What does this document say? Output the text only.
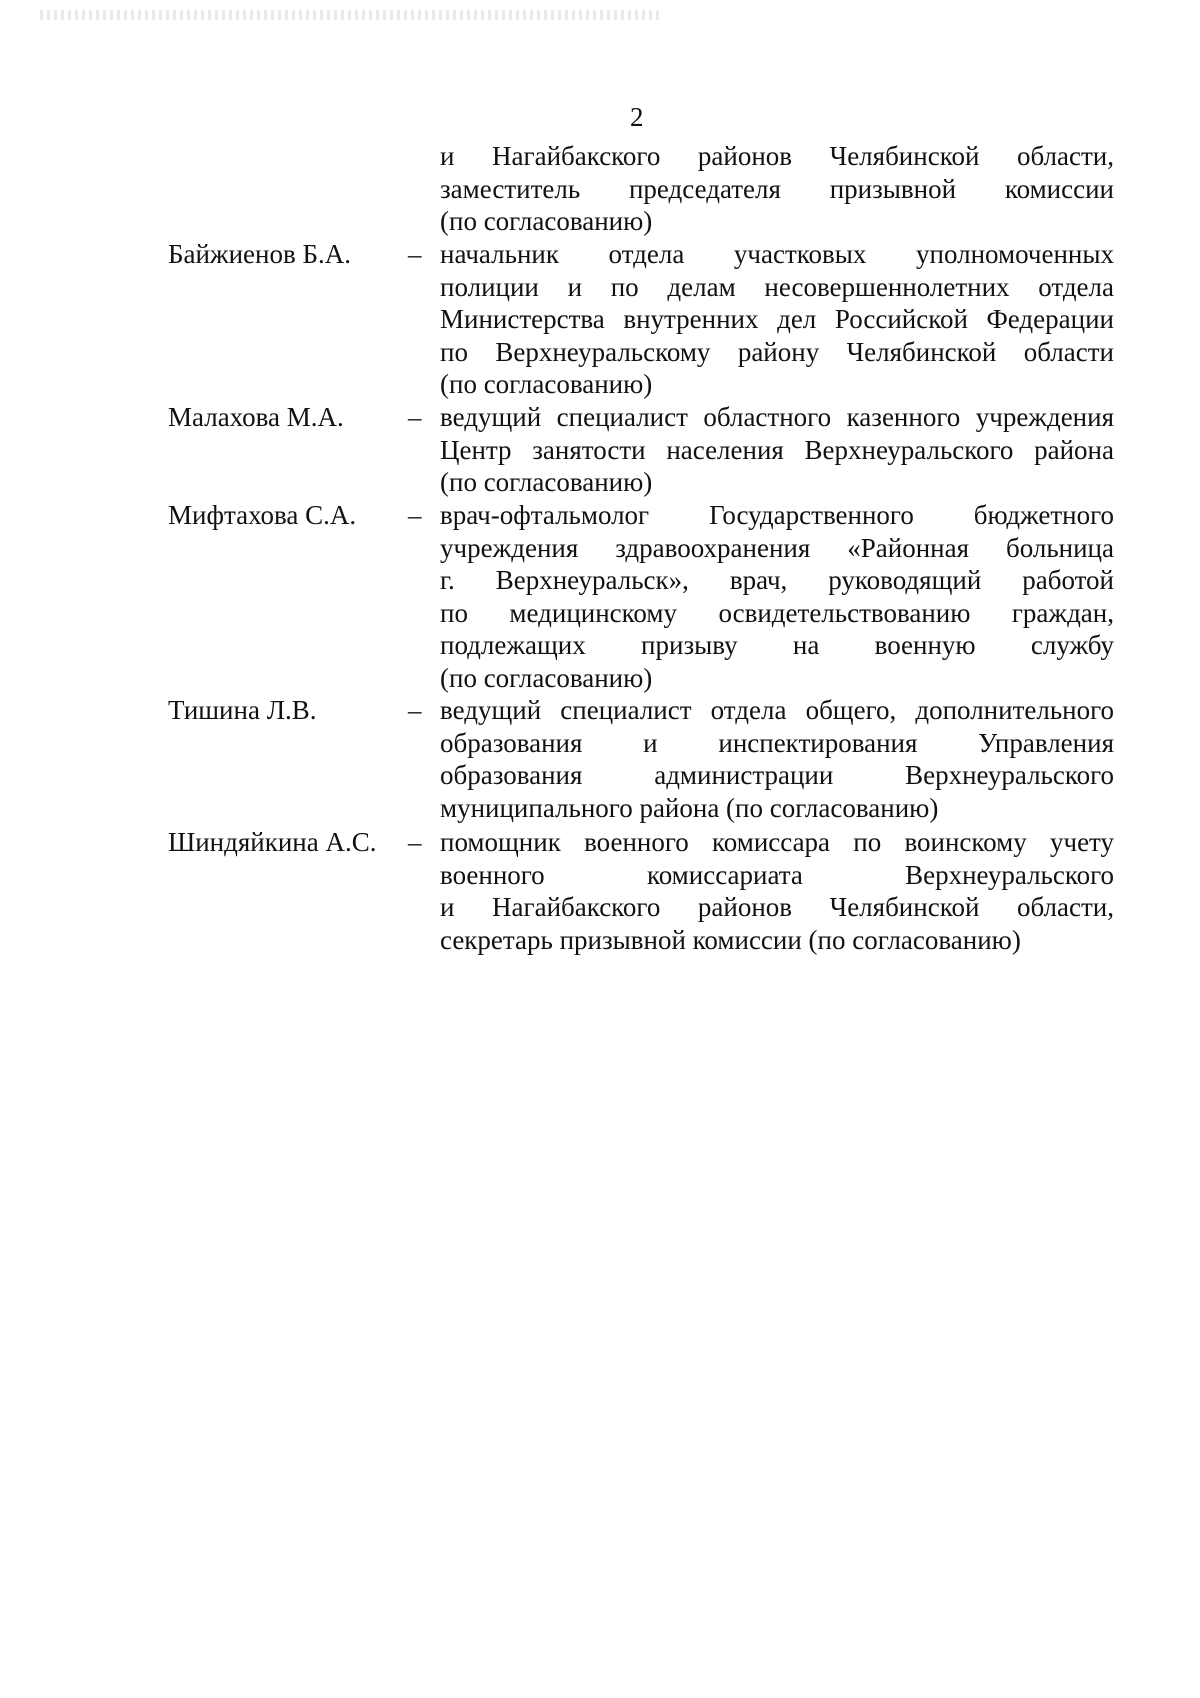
2
и Нагайбакского районов Челябинской области,
заместитель председателя призывной комиссии
(по согласованию)
Байжиенов Б.А. – начальник отдела участковых уполномоченных
полиции и по делам несовершеннолетних отдела
Министерства внутренних дел Российской Федерации
по Верхнеуральскому району Челябинской области
(по согласованию)
Малахова М.А. – ведущий специалист областного казенного учреждения
Центр занятости населения Верхнеуральского района
(по согласованию)
Мифтахова С.А. – врач-офтальмолог Государственного бюджетного
учреждения здравоохранения «Районная больница
г. Верхнеуральск», врач, руководящий работой
по медицинскому освидетельствованию граждан,
подлежащих призыву на военную службу
(по согласованию)
Тишина Л.В.	– ведущий специалист отдела общего, дополнительного
образования и инспектирования Управления
образования администрации Верхнеуральского
муниципального района (по согласованию)
Шиндяйкина А.С. – помощник военного комиссара по воинскому учету
военного комиссариата Верхнеуральского
и Нагайбакского районов Челябинской области,
секретарь призывной комиссии (по согласованию)
